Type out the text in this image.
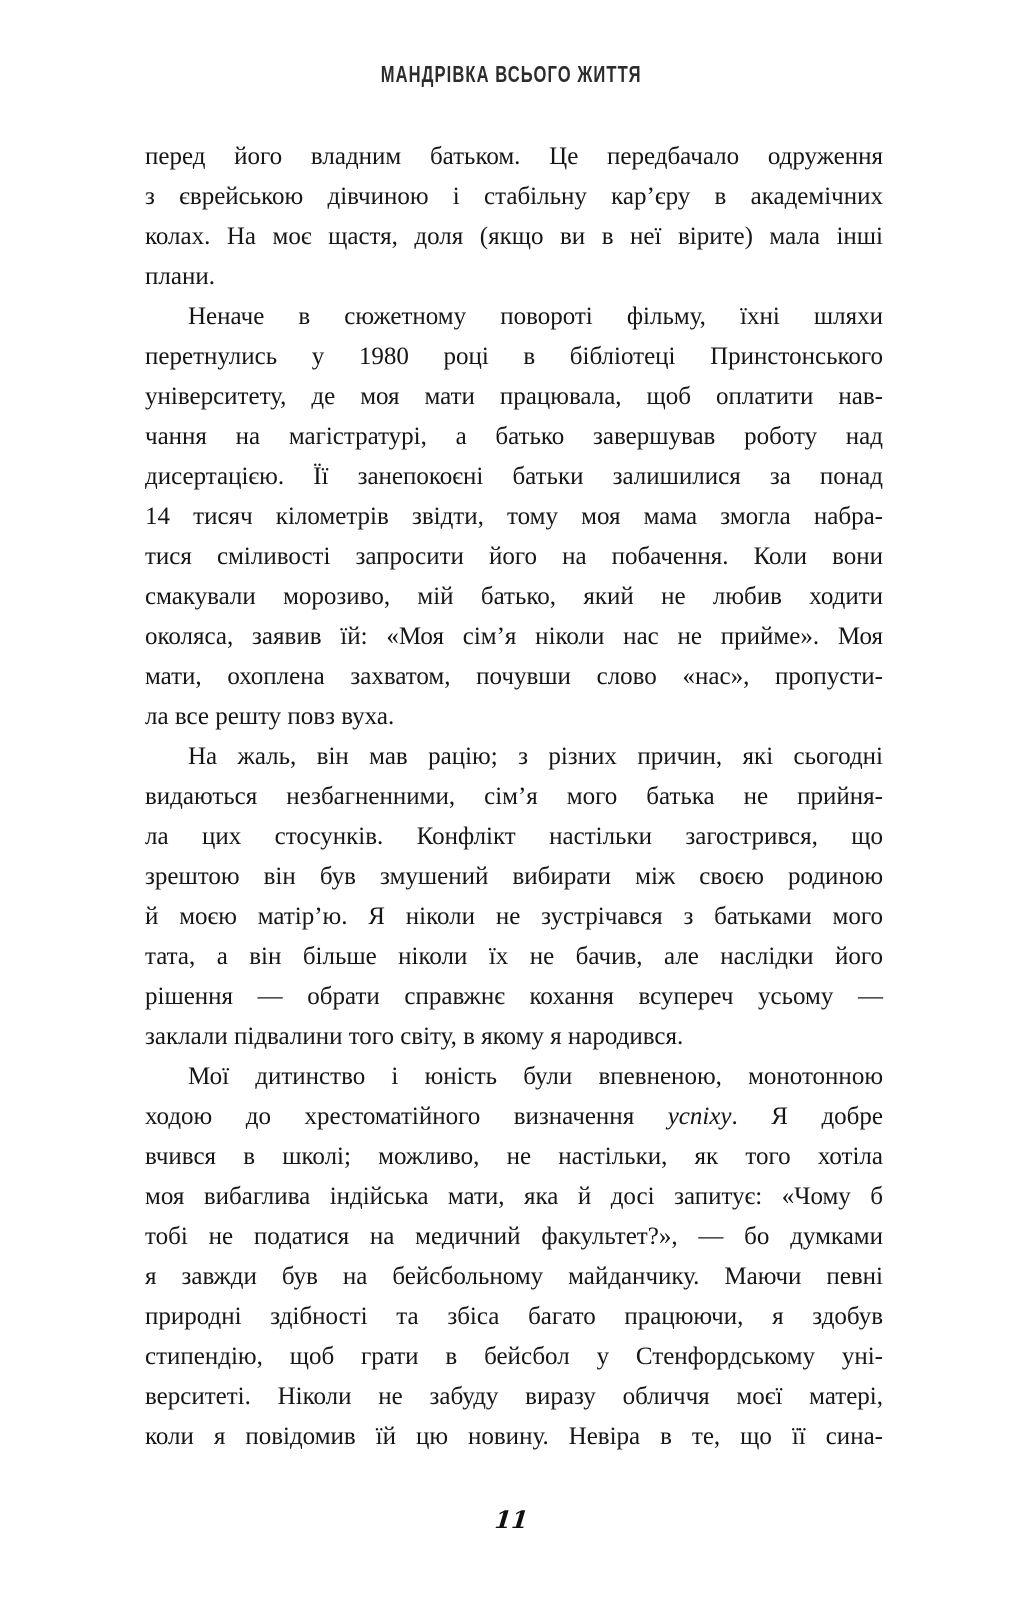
МАНДРІВКА ВСЬОГО ЖИТТЯ
перед його владним батьком. Це передбачало одруження
з єврейською дівчиною і стабільну кар’єру в академічних
колах. На моє щастя, доля (якщо ви в неї вірите) мала інші
плани.
Неначе в сюжетному повороті фільму, їхні шляхи
перетнулись у 1980 році в бібліотеці Принстонського
університету, де моя мати працювала, щоб оплатити нав-
чання на магістратурі, а батько завершував роботу над
дисертацією. Її занепокоєні батьки залишилися за понад
14 тисяч кілометрів звідти, тому моя мама змогла набра-
тися сміливості запросити його на побачення. Коли вони
смакували морозиво, мій батько, який не любив ходити
околяса, заявив їй: «Моя сім’я ніколи нас не прийме». Моя
мати, охоплена захватом, почувши слово «нас», пропусти-
ла все решту повз вуха.
На жаль, він мав рацію; з різних причин, які сьогодні
видаються незбагненними, сім’я мого батька не прийня-
ла цих стосунків. Конфлікт настільки загострився, що
зрештою він був змушений вибирати між своєю родиною
й моєю матір’ю. Я ніколи не зустрічався з батьками мого
тата, а він більше ніколи їх не бачив, але наслідки його
рішення — обрати справжнє кохання всупереч усьому —
заклали підвалини того світу, в якому я народився.
Мої дитинство і юність були впевненою, монотонною
ходою до хрестоматійного визначення успіху. Я добре
вчився в школі; можливо, не настільки, як того хотіла
моя вибаглива індійська мати, яка й досі запитує: «Чому б
тобі не податися на медичний факультет?», — бо думками
я завжди був на бейсбольному майданчику. Маючи певні
природні здібності та збіса багато працюючи, я здобув
стипендію, щоб грати в бейсбол у Стенфордському уні-
верситеті. Ніколи не забуду виразу обличчя моєї матері,
коли я повідомив їй цю новину. Невіра в те, що її сина-
11
